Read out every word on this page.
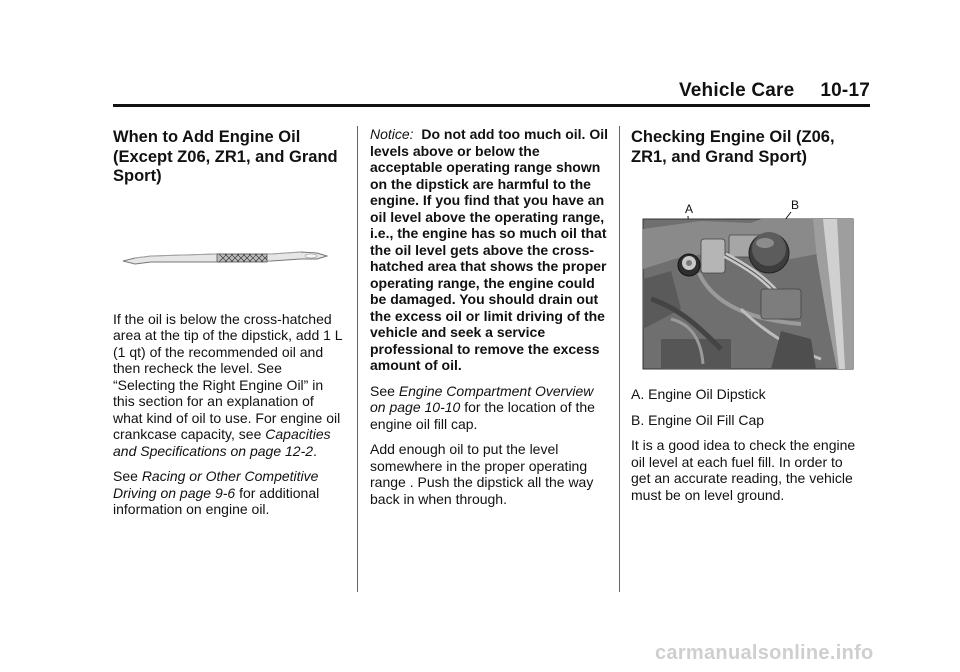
Vehicle Care 10-17
When to Add Engine Oil (Except Z06, ZR1, and Grand Sport)

If the oil is below the cross-hatched area at the tip of the dipstick, add 1 L (1 qt) of the recommended oil and then recheck the level. See “Selecting the Right Engine Oil” in this section for an explanation of what kind of oil to use. For engine oil crankcase capacity, see Capacities and Specifications on page 12-2.

See Racing or Other Competitive Driving on page 9-6 for additional information on engine oil.

Notice: Do not add too much oil. Oil levels above or below the acceptable operating range shown on the dipstick are harmful to the engine. If you find that you have an oil level above the operating range, i.e., the engine has so much oil that the oil level gets above the cross-hatched area that shows the proper operating range, the engine could be damaged. You should drain out the excess oil or limit driving of the vehicle and seek a service professional to remove the excess amount of oil.

See Engine Compartment Overview on page 10-10 for the location of the engine oil fill cap.

Add enough oil to put the level somewhere in the proper operating range . Push the dipstick all the way back in when through.

Checking Engine Oil (Z06, ZR1, and Grand Sport)
A	B

A. Engine Oil Dipstick

B. Engine Oil Fill Cap

It is a good idea to check the engine oil level at each fuel fill. In order to get an accurate reading, the vehicle must be on level ground.

carmanualsonline.info
